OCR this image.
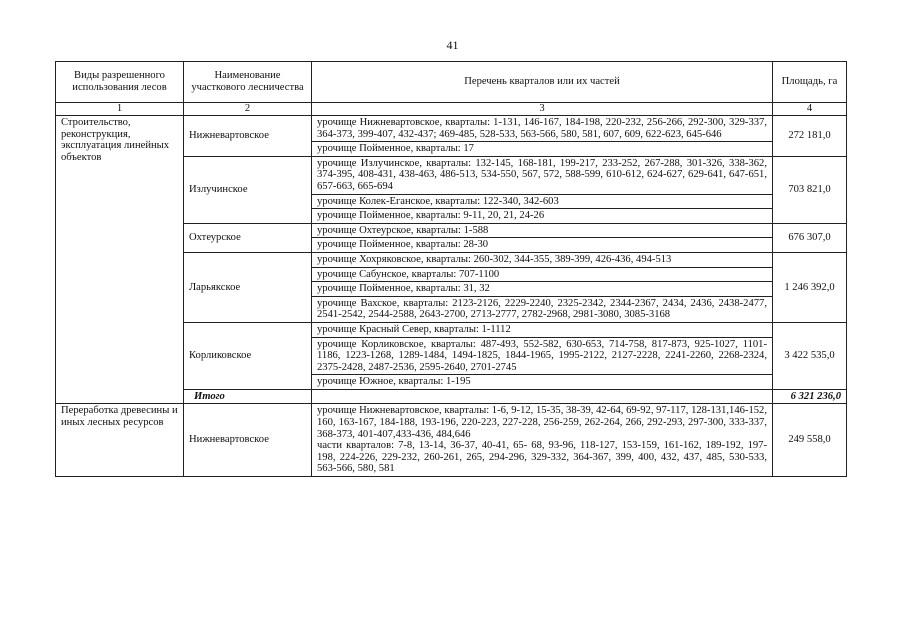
41
Виды разрешенного использования лесов	Наименование участкового лесничества	Перечень кварталов или их частей	Площадь, га
1	2	3	4
Строительство, реконструкция, эксплуатация линейных объектов	Нижневартовское	урочище Нижневартовское, кварталы: 1-131, 146-167, 184-198, 220-232, 256-266, 292-300, 329-337, 364-373, 399-407, 432-437; 469-485, 528-533, 563-566, 580, 581, 607, 609, 622-623, 645-646	272 181,0
		урочище Пойменное, кварталы: 17	
	Излучинское	урочище Излучинское, кварталы: 132-145, 168-181, 199-217, 233-252, 267-288, 301-326, 338-362, 374-395, 408-431, 438-463, 486-513, 534-550, 567, 572, 588-599, 610-612, 624-627, 629-641, 647-651, 657-663, 665-694	703 821,0
		урочище Колек-Еганское, кварталы: 122-340, 342-603	
		урочище Пойменное, кварталы: 9-11, 20, 21, 24-26	
	Охтеурское	урочище Охтеурское, кварталы: 1-588	676 307,0
		урочище Пойменное, кварталы: 28-30	
	Ларьякское	урочище Хохряковское, кварталы: 260-302, 344-355, 389-399, 426-436, 494-513	1 246 392,0
		урочище Сабунское, кварталы: 707-1100	
		урочище Пойменное, кварталы: 31, 32	
		урочище Вахское, кварталы: 2123-2126, 2229-2240, 2325-2342, 2344-2367, 2434, 2436, 2438-2477, 2541-2542, 2544-2588, 2643-2700, 2713-2777, 2782-2968, 2981-3080, 3085-3168	
	Корликовское	урочище Красный Север, кварталы: 1-1112	3 422 535,0
		урочище Корликовское, кварталы: 487-493, 552-582, 630-653, 714-758, 817-873, 925-1027, 1101-1186, 1223-1268, 1289-1484, 1494-1825, 1844-1965, 1995-2122, 2127-2228, 2241-2260, 2268-2324, 2375-2428, 2487-2536, 2595-2640, 2701-2745	
		урочище Южное, кварталы: 1-195	
	Итого		6 321 236,0
Переработка древесины и иных лесных ресурсов	Нижневартовское	урочище Нижневартовское, кварталы: 1-6, 9-12, 15-35, 38-39, 42-64, 69-92, 97-117, 128-131,146-152, 160, 163-167, 184-188, 193-196, 220-223, 227-228, 256-259, 262-264, 266, 292-293, 297-300, 333-337, 368-373, 401-407,433-436, 484,646
части кварталов: 7-8, 13-14, 36-37, 40-41, 65- 68, 93-96, 118-127, 153-159, 161-162, 189-192, 197-198, 224-226, 229-232, 260-261, 265, 294-296, 329-332, 364-367, 399, 400, 432, 437, 485, 530-533, 563-566, 580, 581	249 558,0
